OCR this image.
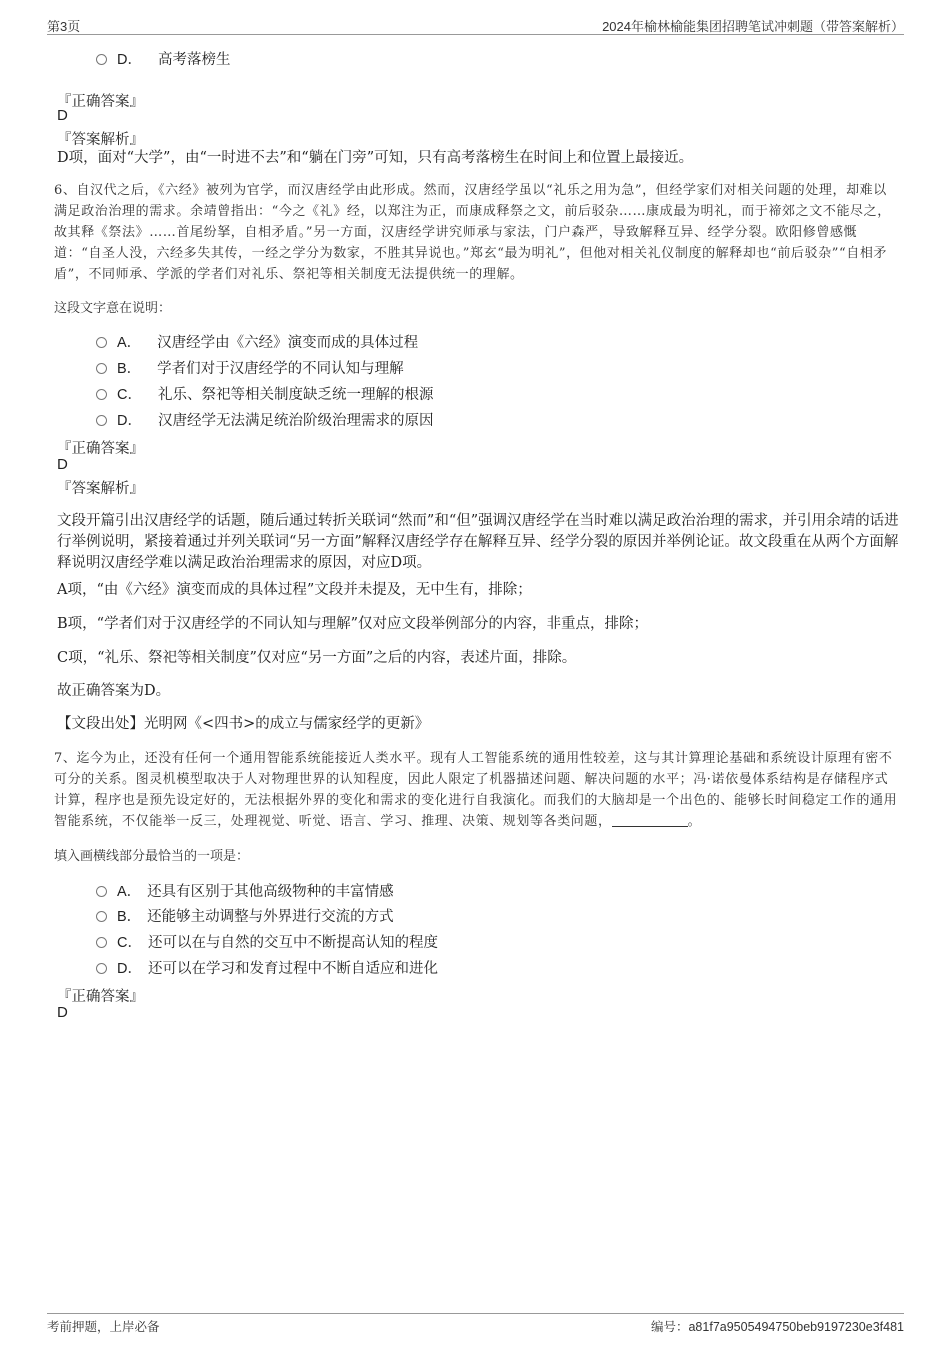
第3页	2024年榆林榆能集团招聘笔试冲刺题（带答案解析）
D． 高考落榜生
『正确答案』
D
『答案解析』
D项，面对“大学”，由“一时进不去”和“躺在门旁”可知，只有高考落榜生在时间上和位置上最接近。
6、自汉代之后，《六经》被列为官学，而汉唐经学由此形成。然而，汉唐经学虽以“礼乐之用为急”，但经学家们对相关问题的处理，却难以满足政治治理的需求。余靖曾指出：“今之《礼》经，以郑注为正，而康成释祭之文，前后驳杂……康成最为明礼，而于禘郊之文不能尽之，故其释《祭法》……首尾纷拏，自相矛盾。”另一方面，汉唐经学讲究师承与家法，门户森严，导致解释互异、经学分裂。欧阳修曾感慨道：“自圣人没，六经多失其传，一经之学分为数家，不胜其异说也。”郑玄“最为明礼”，但他对相关礼仪制度的解释却也“前后驳杂”“自相矛盾”，不同师承、学派的学者们对礼乐、祭祀等相关制度无法提供统一的理解。
这段文字意在说明：
A． 汉唐经学由《六经》演变而成的具体过程
B． 学者们对于汉唐经学的不同认知与理解
C． 礼乐、祭祀等相关制度缺乏统一理解的根源
D． 汉唐经学无法满足统治阶级治理需求的原因
『正确答案』
D
『答案解析』
文段开篇引出汉唐经学的话题，随后通过转折关联词“然而”和“但”强调汉唐经学在当时难以满足政治治理的需求，并引用余靖的话进行举例说明，紧接着通过并列关联词“另一方面”解释汉唐经学存在解释互异、经学分裂的原因并举例论证。故文段重在从两个方面解释说明汉唐经学难以满足政治治理需求的原因，对应D项。
A项，“由《六经》演变而成的具体过程”文段并未提及，无中生有，排除；
B项，“学者们对于汉唐经学的不同认知与理解”仅对应文段举例部分的内容，非重点，排除；
C项，“礼乐、祭祀等相关制度”仅对应“另一方面”之后的内容，表述片面，排除。
故正确答案为D。
【文段出处】光明网《<四书>的成立与儒家经学的更新》
7、迄今为止，还没有任何一个通用智能系统能接近人类水平。现有人工智能系统的通用性较差，这与其计算理论基础和系统设计原理有密不可分的关系。图灵机模型取决于人对物理世界的认知程度，因此人限定了机器描述问题、解决问题的水平；冯·诺依曼体系结构是存储程序式计算，程序也是预先设定好的，无法根据外界的变化和需求的变化进行自我演化。而我们的大脑却是一个出色的、能够长时间稳定工作的通用智能系统，不仅能举一反三，处理视觉、听觉、语言、学习、推理、决策、规划等各类问题，	。
填入画横线部分最恰当的一项是：
A． 还具有区别于其他高级物种的丰富情感
B． 还能够主动调整与外界进行交流的方式
C． 还可以在与自然的交互中不断提高认知的程度
D． 还可以在学习和发育过程中不断自适应和进化
『正确答案』
D
考前押题，上岸必备	编号：a81f7a9505494750beb9197230e3f481
